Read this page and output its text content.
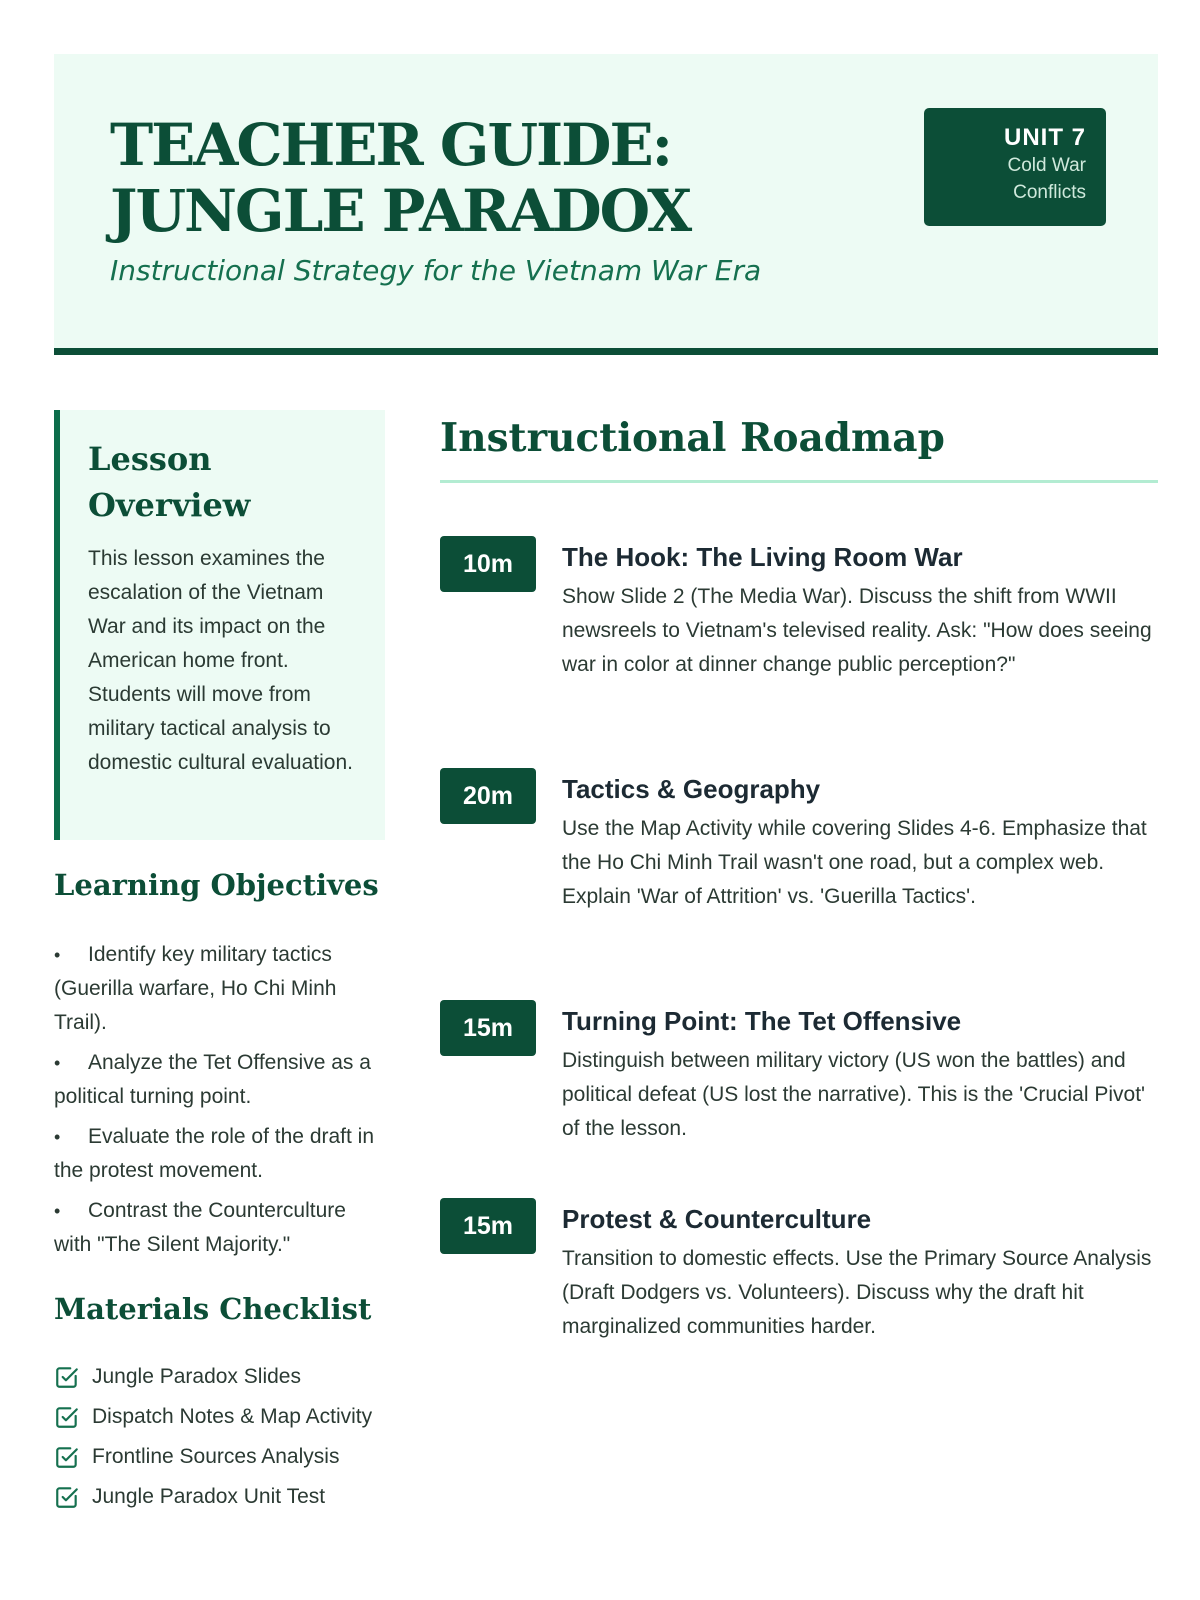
TEACHER GUIDE: JUNGLE PARADOX
Instructional Strategy for the Vietnam War Era
UNIT 7
Cold War
Conflicts
Lesson Overview

This lesson examines the escalation of the Vietnam War and its impact on the American home front. Students will move from military tactical analysis to domestic cultural evaluation.

Learning Objectives
• Identify key military tactics (Guerilla warfare, Ho Chi Minh Trail).
• Analyze the Tet Offensive as a political turning point.
• Evaluate the role of the draft in the protest movement.
• Contrast the Counterculture with "The Silent Majority."
Materials Checklist
Jungle Paradox Slides
Dispatch Notes & Map Activity
Frontline Sources Analysis
Jungle Paradox Unit Test
Instructional Roadmap
10m	The Hook: The Living Room War

Show Slide 2 (The Media War). Discuss the shift from WWII newsreels to Vietnam's televised reality. Ask: "How does seeing war in color at dinner change public perception?"

20m	Tactics & Geography

Use the Map Activity while covering Slides 4-6. Emphasize that the Ho Chi Minh Trail wasn't one road, but a complex web. Explain 'War of Attrition' vs. 'Guerilla Tactics'.

15m	Turning Point: The Tet Offensive

Distinguish between military victory (US won the battles) and political defeat (US lost the narrative). This is the 'Crucial Pivot' of the lesson.

15m	Protest & Counterculture

Transition to domestic effects. Use the Primary Source Analysis (Draft Dodgers vs. Volunteers). Discuss why the draft hit marginalized communities harder.
